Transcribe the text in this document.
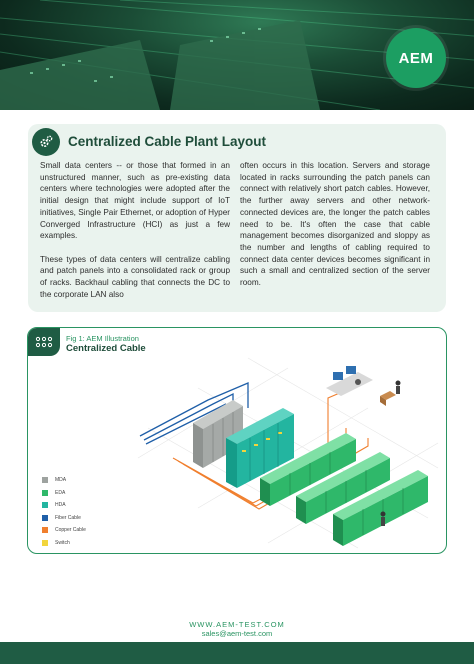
AEM
Centralized Cable Plant Layout

Small data centers -- or those that formed in an unstructured manner, such as pre-existing data centers where technologies were adopted after the initial design that might include support of IoT initiatives, Single Pair Ethernet, or adoption of Hyper Converged Infrastructure (HCI) as just a few examples.

These types of data centers will centralize cabling and patch panels into a consolidated rack or group of racks. Backhaul cabling that connects the DC to the corporate LAN also

often occurs in this location. Servers and storage located in racks surrounding the patch panels can connect with relatively short patch cables. However, the further away servers and other network-connected devices are, the longer the patch cables need to be. It's often the case that cable management becomes disorganized and sloppy as the number and lengths of cabling required to connect data center devices becomes significant in such a small and centralized section of the server room.

Fig 1: AEM Illustration
Centralized Cable
MDA
EDA
HDA
Fiber Cable
Copper Cable
Switch
WWW.AEM-TEST.COM
sales@aem-test.com
